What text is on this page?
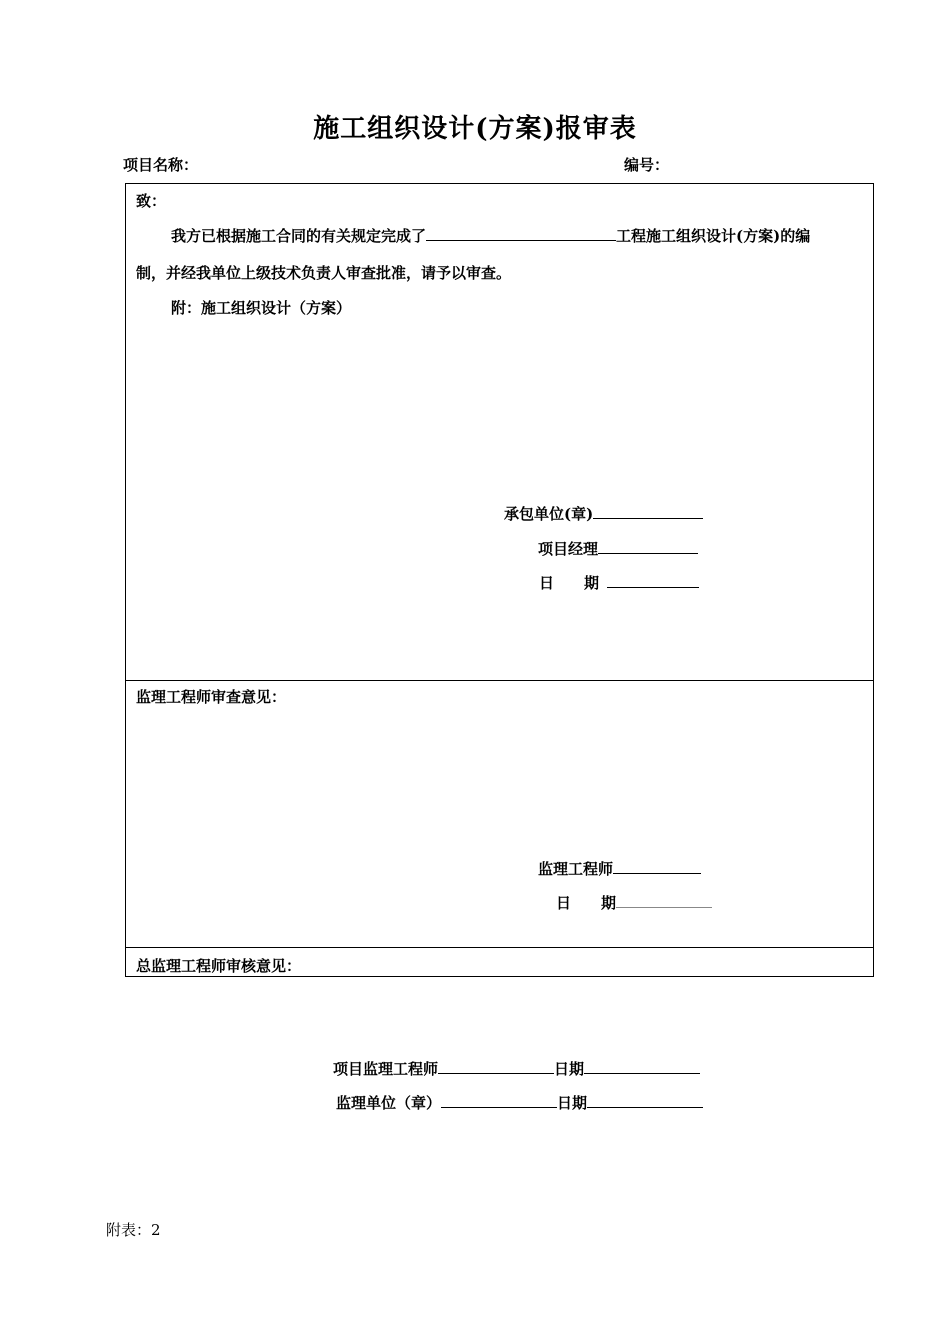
施工组织设计(方案)报审表
项目名称：	编号：
致：
我方已根据施工合同的有关规定完成了	工程施工组织设计(方案)的编
制，并经我单位上级技术负责人审查批准，请予以审查。
附：施工组织设计（方案）
承包单位(章)
项目经理
日　　期
监理工程师审查意见：
监理工程师
日　　期
总监理工程师审核意见：
项目监理工程师	日期
监理单位（章）	日期
附表：2
